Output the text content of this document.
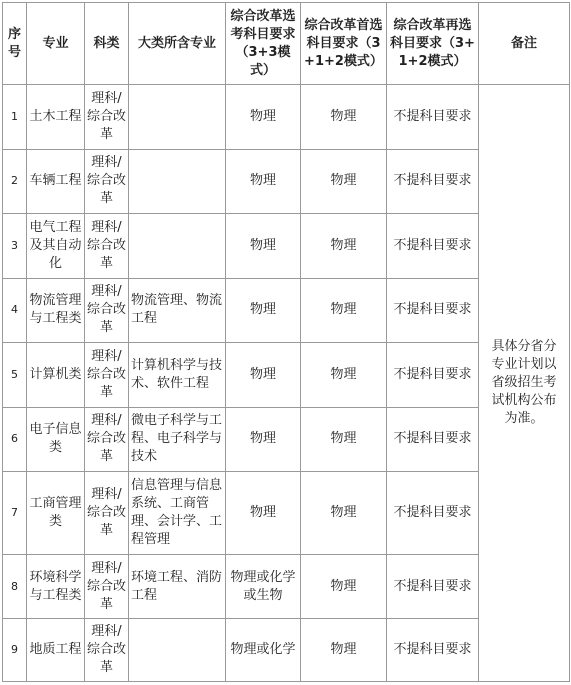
序号	专业	科类	大类所含专业	综合改革选考科目要求（3+3模式）	综合改革首选科目要求（3+1+2模式）	综合改革再选科目要求（3+1+2模式）	备注
1	土木工程	理科/综合改革		物理	物理	不提科目要求	具体分省分专业计划以省级招生考试机构公布为准。
2	车辆工程	理科/综合改革		物理	物理	不提科目要求	
3	电气工程及其自动化	理科/综合改革		物理	物理	不提科目要求	
4	物流管理与工程类	理科/综合改革	物流管理、物流工程	物理	物理	不提科目要求	
5	计算机类	理科/综合改革	计算机科学与技术、软件工程	物理	物理	不提科目要求	
6	电子信息类	理科/综合改革	微电子科学与工程、电子科学与技术	物理	物理	不提科目要求	
7	工商管理类	理科/综合改革	信息管理与信息系统、工商管理、会计学、工程管理	物理	物理	不提科目要求	
8	环境科学与工程类	理科/综合改革	环境工程、消防工程	物理或化学或生物	物理	不提科目要求	
9	地质工程	理科/综合改革		物理或化学	物理	不提科目要求	
